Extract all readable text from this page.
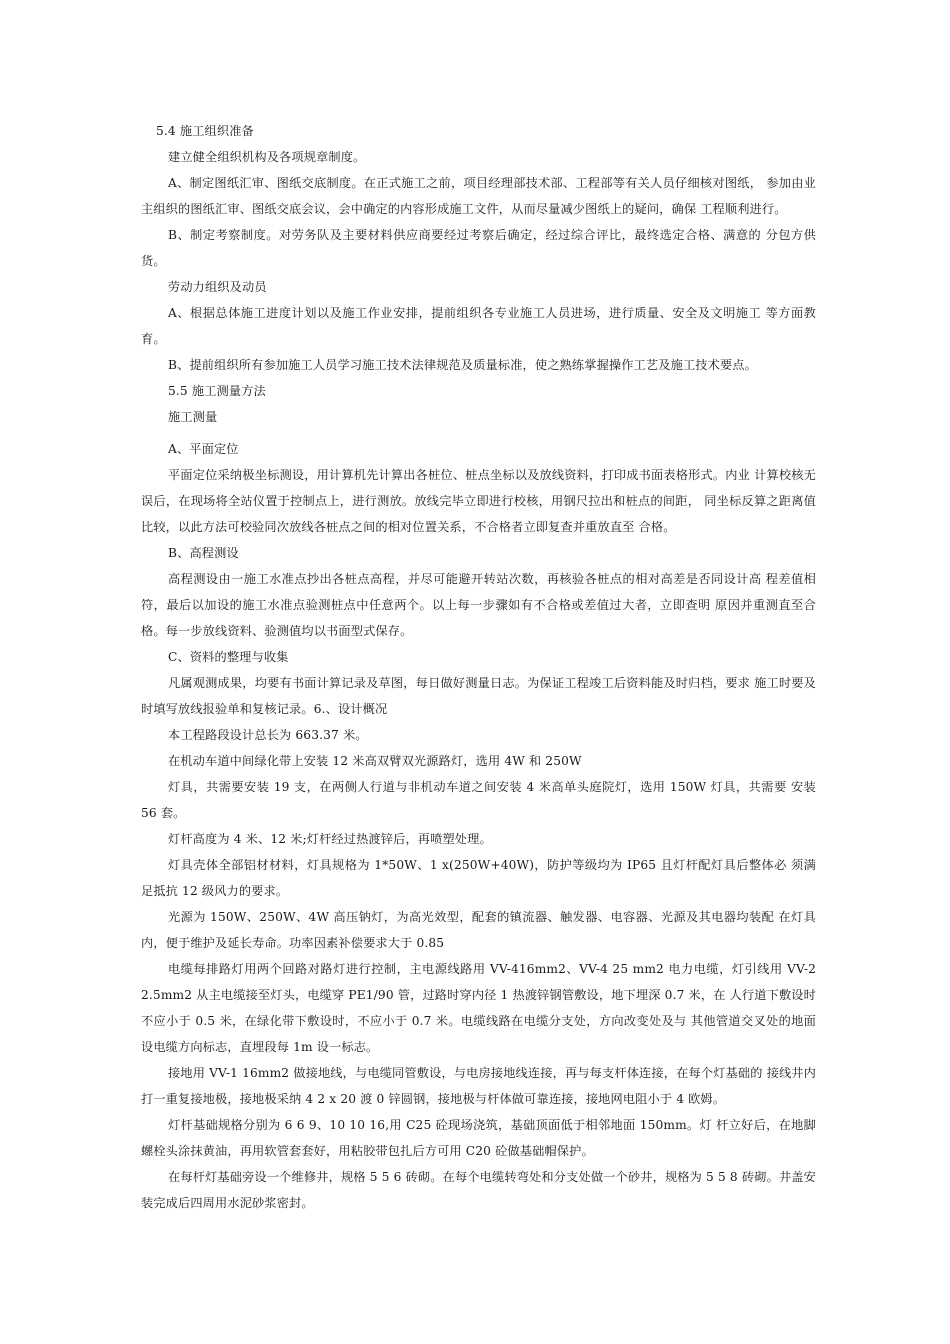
5.4 施工组织准备

建立健全组织机构及各项规章制度。

A、制定图纸汇审、图纸交底制度。在正式施工之前，项目经理部技术部、工程部等有关人员仔细核对图纸， 参加由业主组织的图纸汇审、图纸交底会议，会中确定的内容形成施工文件，从而尽量减少图纸上的疑问，确保 工程顺利进行。

B、制定考察制度。对劳务队及主要材料供应商要经过考察后确定，经过综合评比，最终选定合格、满意的 分包方供货。

劳动力组织及动员

A、根据总体施工进度计划以及施工作业安排，提前组织各专业施工人员进场，进行质量、安全及文明施工 等方面教育。

B、提前组织所有参加施工人员学习施工技术法律规范及质量标准，使之熟练掌握操作工艺及施工技术要点。

5.5 施工测量方法

施工测量

A、平面定位

平面定位采纳极坐标测设，用计算机先计算出各桩位、桩点坐标以及放线资料，打印成书面表格形式。内业 计算校核无误后，在现场将全站仪置于控制点上，进行测放。放线完毕立即进行校核，用钢尺拉出和桩点的间距， 同坐标反算之距离值比较，以此方法可校验同次放线各桩点之间的相对位置关系，不合格者立即复查并重放直至 合格。

B、高程测设

高程测设由一施工水准点抄出各桩点高程，并尽可能避开转站次数，再核验各桩点的相对高差是否同设计高 程差值相符，最后以加设的施工水准点验测桩点中任意两个。以上每一步骤如有不合格或差值过大者，立即查明 原因并重测直至合格。每一步放线资料、验测值均以书面型式保存。

C、资料的整理与收集

凡属观测成果，均要有书面计算记录及草图，每日做好测量日志。为保证工程竣工后资料能及时归档，要求 施工时要及时填写放线报验单和复核记录。6.、设计概况

本工程路段设计总长为 663.37 米。

在机动车道中间绿化带上安装 12 米高双臂双光源路灯，选用 4W 和 250W

灯具，共需要安装 19 支，在两侧人行道与非机动车道之间安装 4 米高单头庭院灯，选用 150W 灯具，共需要 安装 56 套。

灯杆高度为 4 米、12 米;灯杆经过热渡锌后，再喷塑处理。

灯具壳体全部铝材材料，灯具规格为 1*50W、1 x(250W+40W)，防护等级均为 IP65 且灯杆配灯具后整体必 须满足抵抗 12 级风力的要求。

光源为 150W、250W、4W 高压钠灯，为高光效型，配套的镇流器、触发器、电容器、光源及其电器均装配 在灯具内，便于维护及延长寿命。功率因素补偿要求大于 0.85

电缆每排路灯用两个回路对路灯进行控制，主电源线路用 VV-416mm2、VV-4 25 mm2 电力电缆，灯引线用 VV-2 2.5mm2 从主电缆接至灯头，电缆穿 PE1/90 管，过路时穿内径 1 热渡锌钢管敷设，地下埋深 0.7 米，在 人行道下敷设时不应小于 0.5 米，在绿化带下敷设时，不应小于 0.7 米。电缆线路在电缆分支处，方向改变处及与 其他管道交叉处的地面设电缆方向标志，直埋段每 1m 设一标志。

接地用 VV-1 16mm2 做接地线，与电缆同管敷设，与电房接地线连接，再与每支杆体连接，在每个灯基础的 接线井内打一重复接地极，接地极采纳 4 2 x 20 渡 0 锌圆钢，接地极与杆体做可靠连接，接地网电阻小于 4 欧姆。

灯杆基础规格分别为 6 6 9、10 10 16,用 C25 砼现场浇筑，基础顶面低于相邻地面 150mm。灯 杆立好后，在地脚螺栓头涂抹黄油，再用软管套套好，用粘胶带包扎后方可用 C20 砼做基础帽保护。

在每杆灯基础旁设一个维修井，规格 5 5 6 砖砌。在每个电缆转弯处和分支处做一个砂井，规格为 5 5 8 砖砌。井盖安装完成后四周用水泥砂浆密封。
